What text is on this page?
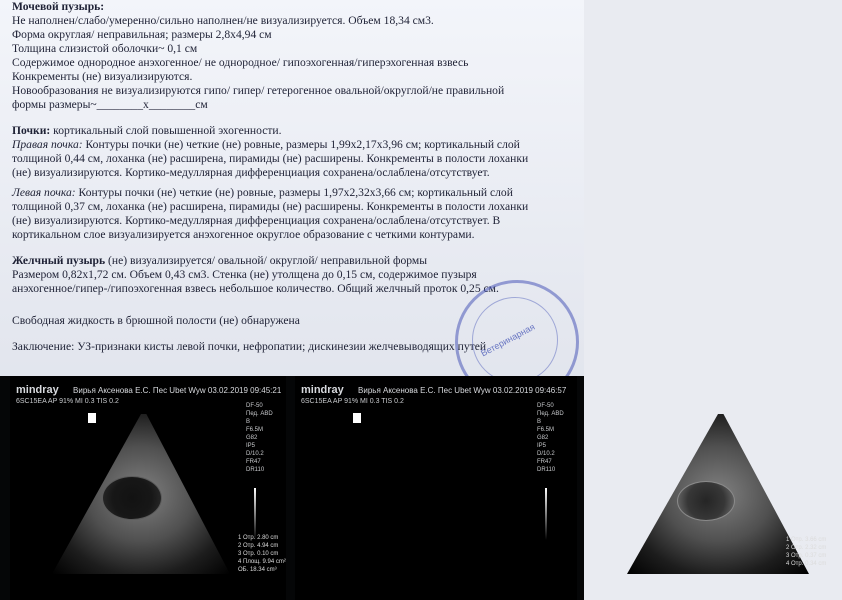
Мочевой пузырь:
Не наполнен/слабо/умеренно/сильно наполнен/не визуализируется. Объем 18,34 см3.
Форма округлая/ неправильная; размеры 2,8х4,94 см
Толщина слизистой оболочки~ 0,1 см
Содержимое однородное анэхогенное/ не однородное/ гипоэхогенная/гиперэхогенная взвесь
Конкременты (не) визуализируются.
Новообразования не визуализируются гипо/ гипер/ гетерогенное овальной/округлой/не правильной
формы размеры~________х________см
Почки: кортикальный слой повышенной эхогенности.
Правая почка: Контуры почки (не) четкие (не) ровные, размеры 1,99х2,17х3,96 см; кортикальный слой
толщиной 0,44 см, лоханка (не) расширена, пирамиды (не) расширены. Конкременты в полости лоханки
(не) визуализируются. Кортико-медуллярная дифференциация сохранена/ослаблена/отсутствует.
Левая почка: Контуры почки (не) четкие (не) ровные, размеры 1,97х2,32х3,66 см; кортикальный слой
толщиной 0,37 см, лоханка (не) расширена, пирамиды (не) расширены. Конкременты в полости лоханки
(не) визуализируются. Кортико-медуллярная дифференциация сохранена/ослаблена/отсутствует. В
кортикальном слое визуализируется анэхогенное округлое образование с четкими контурами.
Желчный пузырь (не) визуализируется/ овальной/ округлой/ неправильной формы
Размером 0,82х1,72 см. Объем 0,43 см3. Стенка (не) утолщена до 0,15 см, содержимое пузыря
анэхогенное/гипер-/гипоэхогенная взвесь небольшое количество. Общий желчный проток 0,25 см.
Свободная жидкость в брюшной полости (не) обнаружена
Заключение: УЗ-признаки кисты левой почки, нефропатии; дискинезии желчевыводящих путей
Ветеринарная
mindray Вирья Аксенова Е.С. Пес Ubet Wyw 03.02.2019 09:45:21
6SC15EA AP 91% MI 0.3 TIS 0.2
DF-50
Пед. ABD
B
F6.5M
G82
IP5
D/10.2
FR47
DR110
1 Отр. 2.80 cm
2 Отр. 4.94 cm
3 Отр. 0.10 cm
4 Площ. 9.94 cm²
ОБ. 18.34 cm³
mindray Вирья Аксенова Е.С. Пес Ubet Wyw 03.02.2019 09:46:57
6SC15EA AP 91% MI 0.3 TIS 0.2
DF-50
Пед. ABD
B
F6.5M
G82
IP5
D/10.2
FR47
DR110
1 Отр. 3.66 cm
2 Отр. 2.32 cm
3 Отр. 0.37 cm
4 Отр. 0.34 cm
